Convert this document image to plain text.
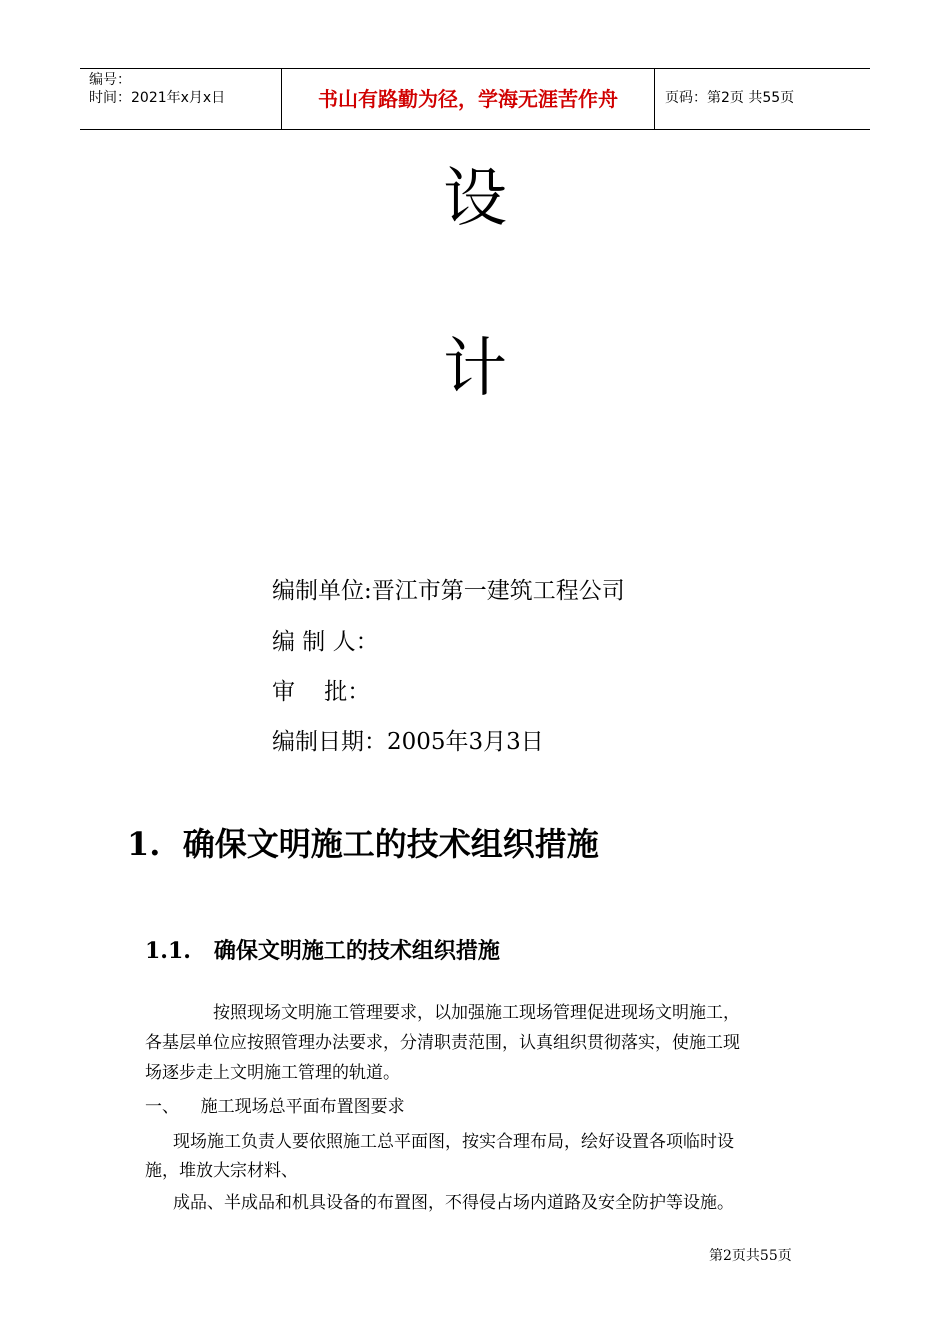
编号：
时间：2021年x月x日	书山有路勤为径，学海无涯苦作舟	页码：第2页 共55页
设
计
编制单位:晋江市第一建筑工程公司
编 制 人：
审    批：
编制日期：2005年3月3日
1.  确保文明施工的技术组织措施
1.1.   确保文明施工的技术组织措施
按照现场文明施工管理要求，以加强施工现场管理促进现场文明施工，
各基层单位应按照管理办法要求，分清职责范围，认真组织贯彻落实，使施工现
场逐步走上文明施工管理的轨道。
一、    施工现场总平面布置图要求
现场施工负责人要依照施工总平面图，按实合理布局，绘好设置各项临时设
施，堆放大宗材料、
成品、半成品和机具设备的布置图，不得侵占场内道路及安全防护等设施。
第2页共55页
